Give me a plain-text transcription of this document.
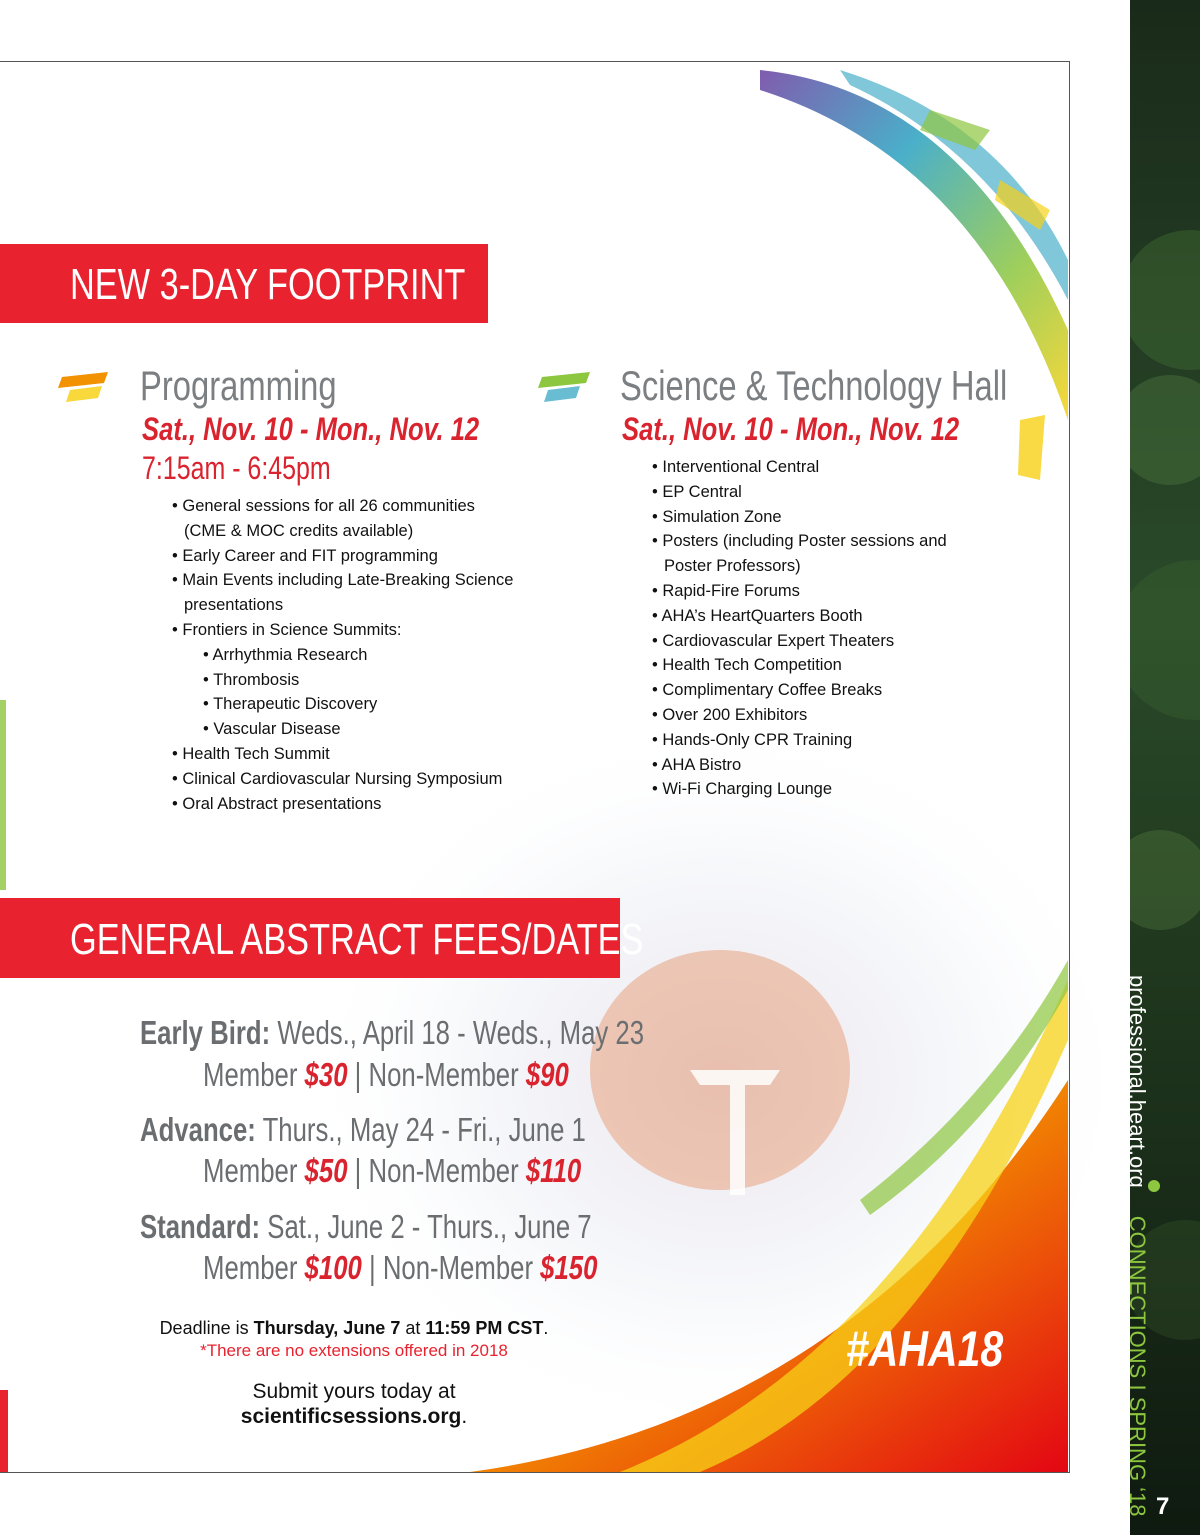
NEW 3-DAY FOOTPRINT
Programming
Sat., Nov. 10 - Mon., Nov. 12
7:15am - 6:45pm
• General sessions for all 26 communities
(CME & MOC credits available)
• Early Career and FIT programming
• Main Events including Late-Breaking Science
presentations
• Frontiers in Science Summits:
• Arrhythmia Research
• Thrombosis
• Therapeutic Discovery
• Vascular Disease
• Health Tech Summit
• Clinical Cardiovascular Nursing Symposium
• Oral Abstract presentations
Science & Technology Hall
Sat., Nov. 10 - Mon., Nov. 12
• Interventional Central
• EP Central
• Simulation Zone
• Posters (including Poster sessions and
Poster Professors)
• Rapid-Fire Forums
• AHA’s HeartQuarters Booth
• Cardiovascular Expert Theaters
• Health Tech Competition
• Complimentary Coffee Breaks
• Over 200 Exhibitors
• Hands-Only CPR Training
• AHA Bistro
• Wi-Fi Charging Lounge
GENERAL ABSTRACT FEES/DATES
Early Bird: Weds., April 18 - Weds., May 23
Member $30 | Non-Member $90
Advance: Thurs., May 24 - Fri., June 1
Member $50 | Non-Member $110
Standard: Sat., June 2 - Thurs., June 7
Member $100 | Non-Member $150
Deadline is Thursday, June 7 at 11:59 PM CST.
*There are no extensions offered in 2018
Submit yours today at
scientificsessions.org.
#AHA18
professional.heart.orgCONNECTIONS I SPRING ‘18 7
